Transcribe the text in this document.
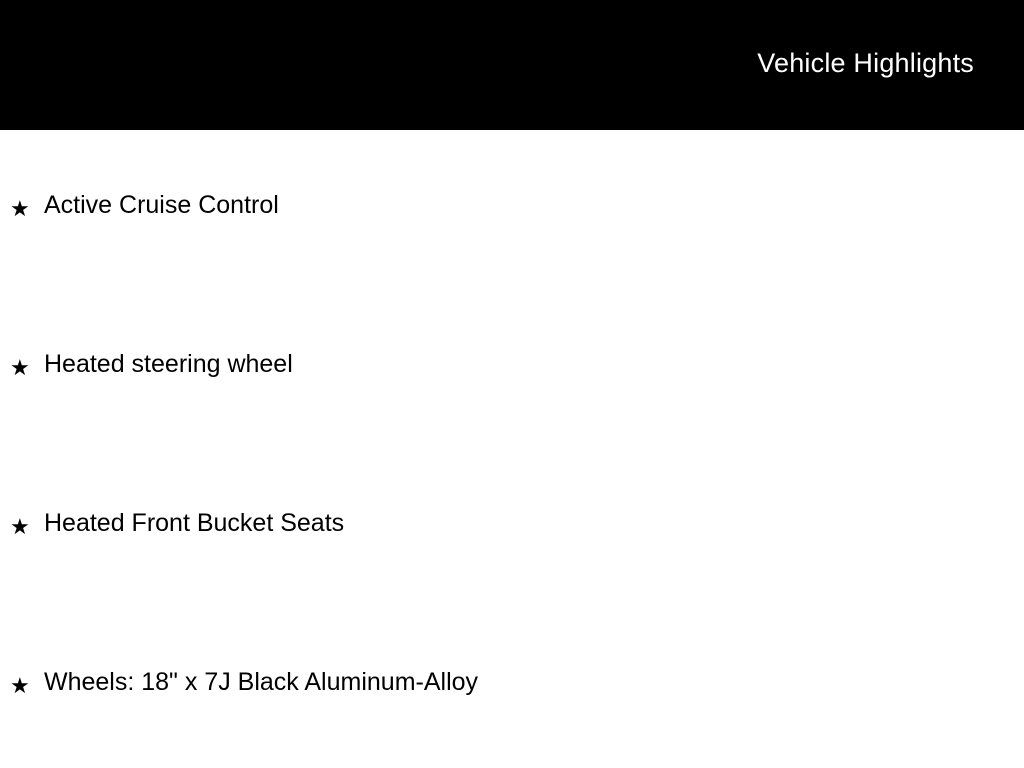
Vehicle Highlights
★ Active Cruise Control
★ Heated steering wheel
★ Heated Front Bucket Seats
★ Wheels: 18" x 7J Black Aluminum-Alloy
